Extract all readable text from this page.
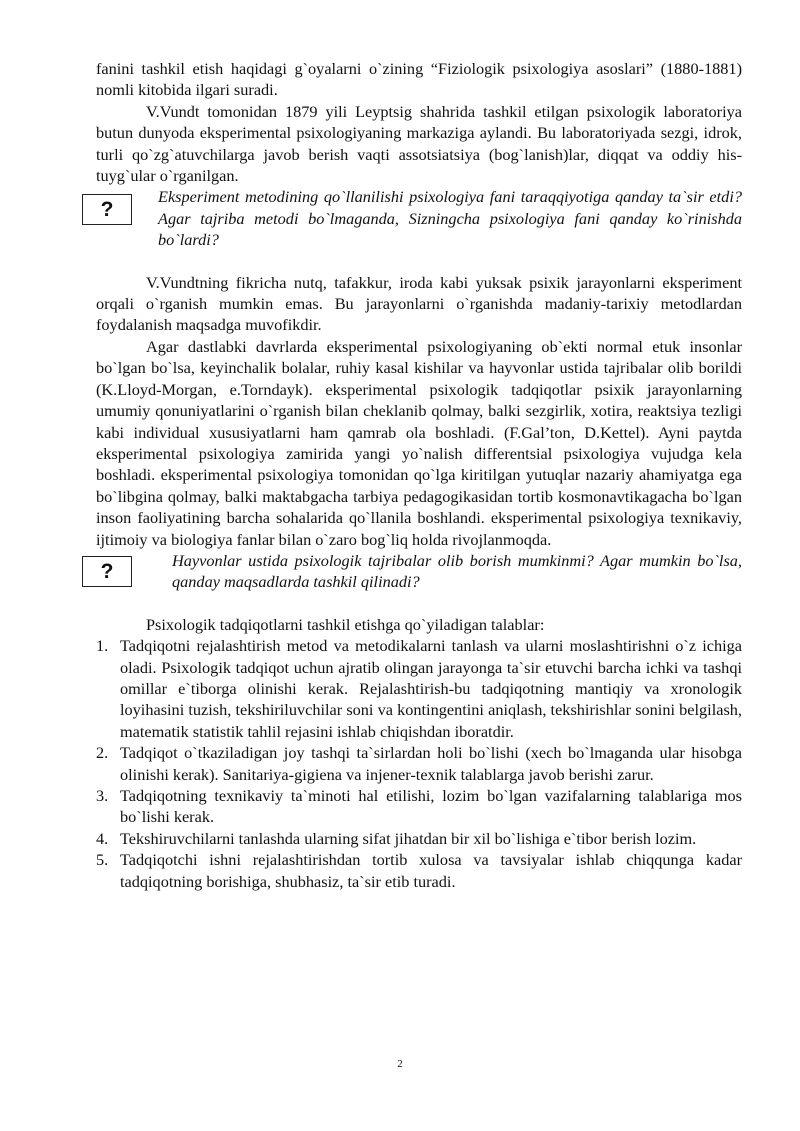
fanini tashkil etish haqidagi g`oyalarni o`zining “Fiziologik psixologiya asoslari” (1880-1881) nomli kitobida ilgari suradi.

V.Vundt tomonidan 1879 yili Leyptsig shahrida tashkil etilgan psixologik laboratoriya butun dunyoda eksperimental psixologiyaning markaziga aylandi. Bu laboratoriyada sezgi, idrok, turli qo`zg`atuvchilarga javob berish vaqti assotsiatsiya (bog`lanish)lar, diqqat va oddiy his-tuyg`ular o`rganilgan.

?

Eksperiment metodining qo`llanilishi psixologiya fani taraqqiyotiga qanday ta`sir etdi? Agar tajriba metodi bo`lmaganda, Sizningcha psixologiya fani qanday ko`rinishda bo`lardi?

V.Vundtning fikricha nutq, tafakkur, iroda kabi yuksak psixik jarayonlarni eksperiment orqali o`rganish mumkin emas. Bu jarayonlarni o`rganishda madaniy-tarixiy metodlardan foydalanish maqsadga muvofikdir.

Agar dastlabki davrlarda eksperimental psixologiyaning ob`ekti normal etuk insonlar bo`lgan bo`lsa, keyinchalik bolalar, ruhiy kasal kishilar va hayvonlar ustida tajribalar olib borildi (K.Lloyd-Morgan, e.Torndayk). eksperimental psixologik tadqiqotlar psixik jarayonlarning umumiy qonuniyatlarini o`rganish bilan cheklanib qolmay, balki sezgirlik, xotira, reaktsiya tezligi kabi individual xususiyatlarni ham qamrab ola boshladi. (F.Gal’ton, D.Kettel). Ayni paytda eksperimental psixologiya zamirida yangi yo`nalish differentsial psixologiya vujudga kela boshladi. eksperimental psixologiya tomonidan qo`lga kiritilgan yutuqlar nazariy ahamiyatga ega bo`libgina qolmay, balki maktabgacha tarbiya pedagogikasidan tortib kosmonavtikagacha bo`lgan inson faoliyatining barcha sohalarida qo`llanila boshlandi. eksperimental psixologiya texnikaviy, ijtimoiy va biologiya fanlar bilan o`zaro bog`liq holda rivojlanmoqda.

?	Hayvonlar ustida psixologik tajribalar olib borish mumkinmi? Agar mumkin bo`lsa, qanday maqsadlarda tashkil qilinadi?

Psixologik tadqiqotlarni tashkil etishga qo`yiladigan talablar:

1. Tadqiqotni rejalashtirish metod va metodikalarni tanlash va ularni moslashtirishni o`z ichiga oladi. Psixologik tadqiqot uchun ajratib olingan jarayonga ta`sir etuvchi barcha ichki va tashqi omillar e`tiborga olinishi kerak. Rejalashtirish-bu tadqiqotning mantiqiy va xronologik loyihasini tuzish, tekshiriluvchilar soni va kontingentini aniqlash, tekshirishlar sonini belgilash, matematik statistik tahlil rejasini ishlab chiqishdan iboratdir.
2. Tadqiqot o`tkaziladigan joy tashqi ta`sirlardan holi bo`lishi (xech bo`lmaganda ular hisobga olinishi kerak). Sanitariya-gigiena va injener-texnik talablarga javob berishi zarur.
3. Tadqiqotning texnikaviy ta`minoti hal etilishi, lozim bo`lgan vazifalarning talablariga mos bo`lishi kerak.
4. Tekshiruvchilarni tanlashda ularning sifat jihatdan bir xil bo`lishiga e`tibor berish lozim.
5. Tadqiqotchi ishni rejalashtirishdan tortib xulosa va tavsiyalar ishlab chiqqunga kadar tadqiqotning borishiga, shubhasiz, ta`sir etib turadi.
2
